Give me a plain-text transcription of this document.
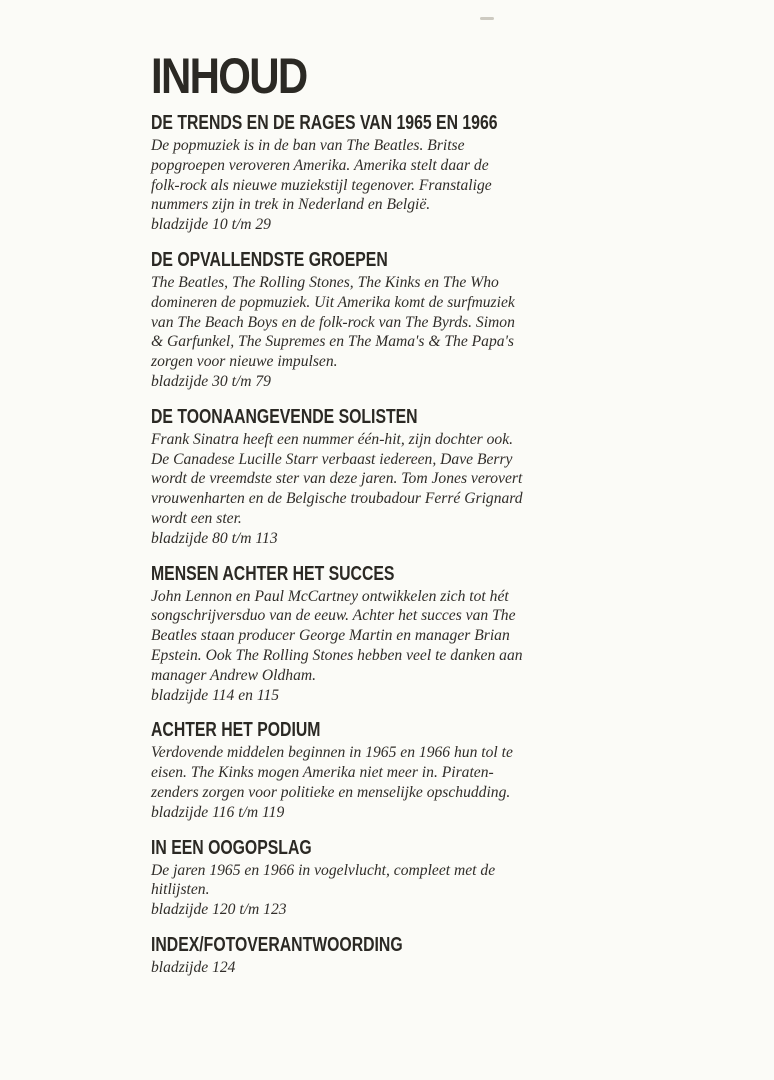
INHOUD
DE TRENDS EN DE RAGES VAN 1965 EN 1966
De popmuziek is in de ban van The Beatles. Britse
popgroepen veroveren Amerika. Amerika stelt daar de
folk-rock als nieuwe muziekstijl tegenover. Franstalige
nummers zijn in trek in Nederland en België.
bladzijde 10 t/m 29
DE OPVALLENDSTE GROEPEN
The Beatles, The Rolling Stones, The Kinks en The Who
domineren de popmuziek. Uit Amerika komt de surfmuziek
van The Beach Boys en de folk-rock van The Byrds. Simon
& Garfunkel, The Supremes en The Mama's & The Papa's
zorgen voor nieuwe impulsen.
bladzijde 30 t/m 79
DE TOONAANGEVENDE SOLISTEN
Frank Sinatra heeft een nummer één-hit, zijn dochter ook.
De Canadese Lucille Starr verbaast iedereen, Dave Berry
wordt de vreemdste ster van deze jaren. Tom Jones verovert
vrouwenharten en de Belgische troubadour Ferré Grignard
wordt een ster.
bladzijde 80 t/m 113
MENSEN ACHTER HET SUCCES
John Lennon en Paul McCartney ontwikkelen zich tot hét
songschrijversduo van de eeuw. Achter het succes van The
Beatles staan producer George Martin en manager Brian
Epstein. Ook The Rolling Stones hebben veel te danken aan
manager Andrew Oldham.
bladzijde 114 en 115
ACHTER HET PODIUM
Verdovende middelen beginnen in 1965 en 1966 hun tol te
eisen. The Kinks mogen Amerika niet meer in. Piraten-
zenders zorgen voor politieke en menselijke opschudding.
bladzijde 116 t/m 119
IN EEN OOGOPSLAG
De jaren 1965 en 1966 in vogelvlucht, compleet met de
hitlijsten.
bladzijde 120 t/m 123
INDEX/FOTOVERANTWOORDING
bladzijde 124
